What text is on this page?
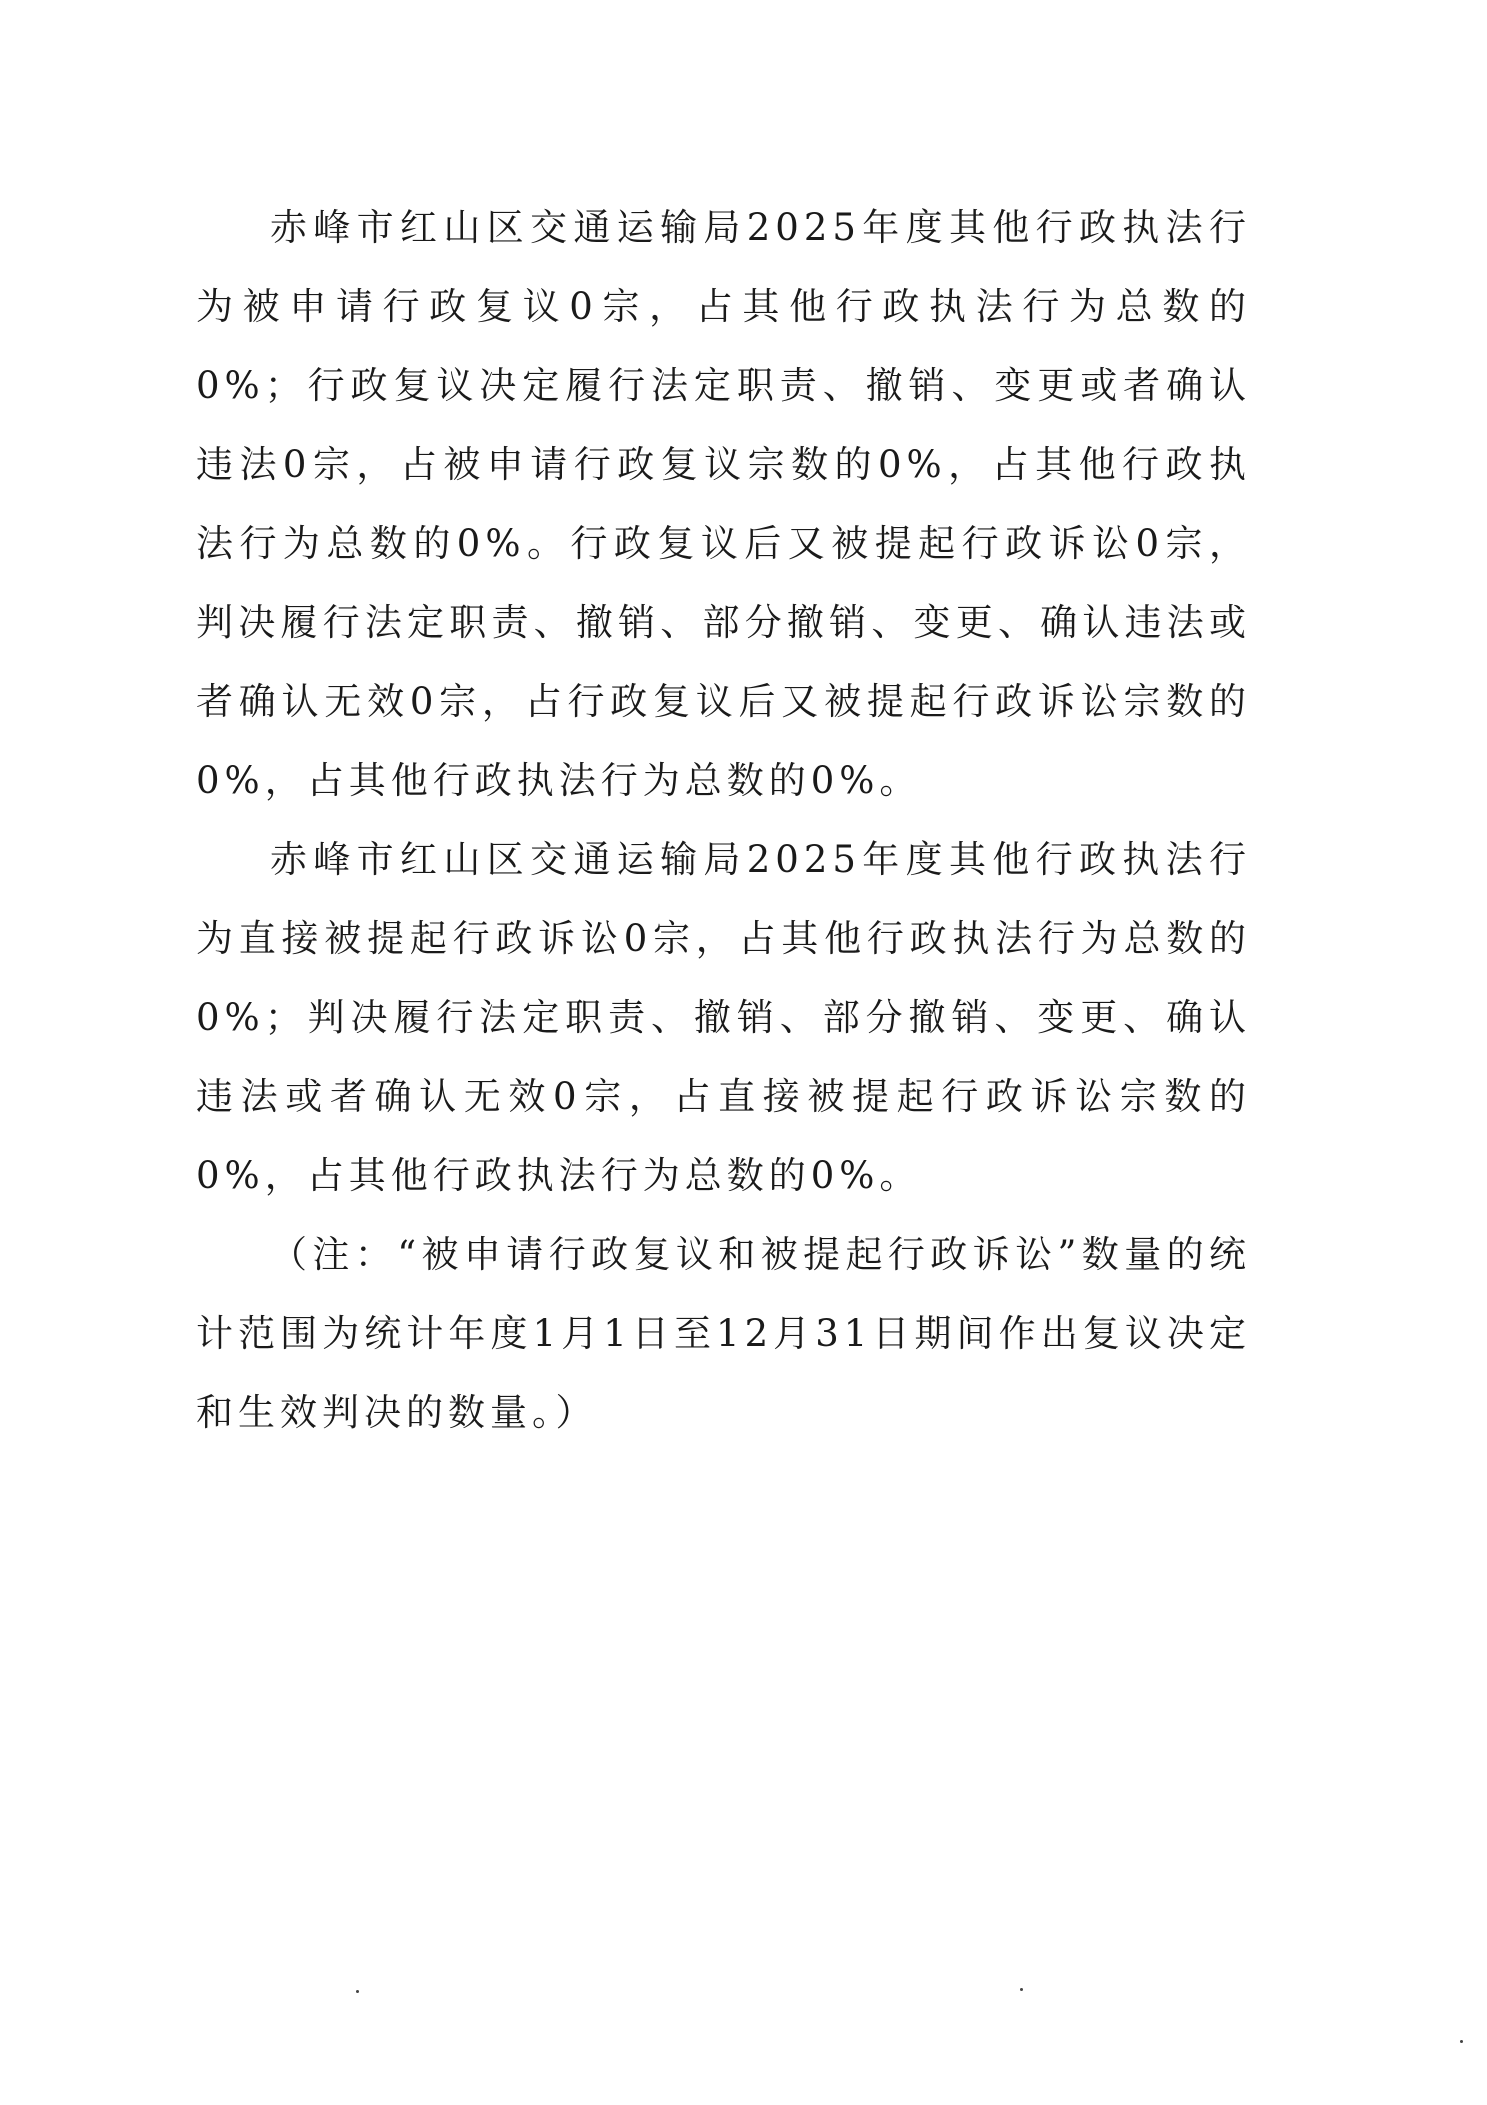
赤峰市红山区交通运输局2025年度其他行政执法行为被申请行政复议0宗，占其他行政执法行为总数的0%；行政复议决定履行法定职责、撤销、变更或者确认违法0宗，占被申请行政复议宗数的0%，占其他行政执法行为总数的0%。行政复议后又被提起行政诉讼0宗，判决履行法定职责、撤销、部分撤销、变更、确认违法或者确认无效0宗，占行政复议后又被提起行政诉讼宗数的0%，占其他行政执法行为总数的0%。

赤峰市红山区交通运输局2025年度其他行政执法行为直接被提起行政诉讼0宗，占其他行政执法行为总数的0%；判决履行法定职责、撤销、部分撤销、变更、确认违法或者确认无效0宗，占直接被提起行政诉讼宗数的0%，占其他行政执法行为总数的0%。

（注：“被申请行政复议和被提起行政诉讼”数量的统计范围为统计年度1月1日至12月31日期间作出复议决定和生效判决的数量。）
